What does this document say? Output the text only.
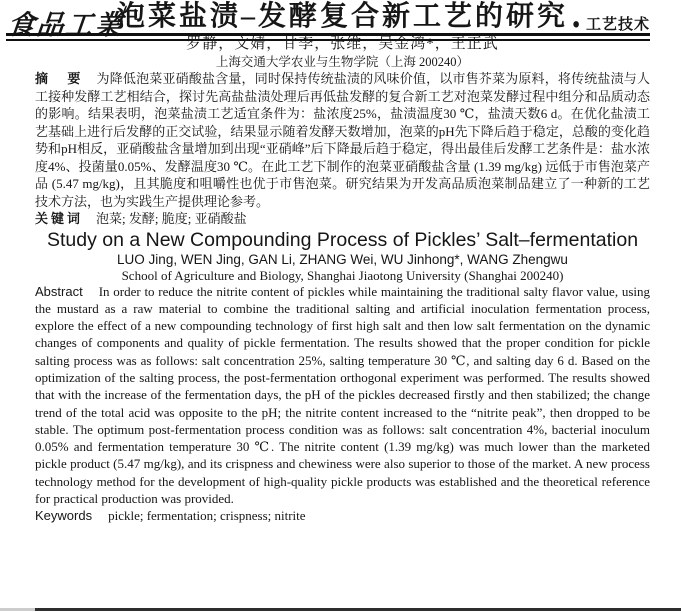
食品工業	● 工艺技术

泡菜盐渍–发酵复合新工艺的研究

罗静，文婧，甘李，张维，吴金鸿*，王正武

上海交通大学农业与生物学院（上海 200240）

摘　要 为降低泡菜亚硝酸盐含量，同时保持传统盐渍的风味价值，以市售芥菜为原料，将传统盐渍与人工接种发酵工艺相结合，探讨先高盐盐渍处理后再低盐发酵的复合新工艺对泡菜发酵过程中组分和品质动态的影响。结果表明，泡菜盐渍工艺适宜条件为：盐浓度25%，盐渍温度30 ℃，盐渍天数6 d。在优化盐渍工艺基础上进行后发酵的正交试验，结果显示随着发酵天数增加，泡菜的pH先下降后趋于稳定，总酸的变化趋势和pH相反，亚硝酸盐含量增加到出现“亚硝峰”后下降最后趋于稳定，得出最佳后发酵工艺条件是：盐水浓度4%、投菌量0.05%、发酵温度30 ℃。在此工艺下制作的泡菜亚硝酸盐含量 (1.39 mg/kg) 远低于市售泡菜产品 (5.47 mg/kg)，且其脆度和咀嚼性也优于市售泡菜。研究结果为开发高品质泡菜制品建立了一种新的工艺技术方法，也为实践生产提供理论参考。

关键词 泡菜; 发酵; 脆度; 亚硝酸盐

Study on a New Compounding Process of Pickles’ Salt–fermentation

LUO Jing, WEN Jing, GAN Li, ZHANG Wei, WU Jinhong*, WANG Zhengwu

School of Agriculture and Biology, Shanghai Jiaotong University (Shanghai 200240)

Abstract In order to reduce the nitrite content of pickles while maintaining the traditional salty flavor value, using the mustard as a raw material to combine the traditional salting and artificial inoculation fermentation process, explore the effect of a new compounding technology of first high salt and then low salt fermentation on the dynamic changes of components and quality of pickle fermentation. The results showed that the proper condition for pickle salting process was as follows: salt concentration 25%, salting temperature 30 ℃, and salting day 6 d. Based on the optimization of the salting process, the post-fermentation orthogonal experiment was performed. The results showed that with the increase of the fermentation days, the pH of the pickles decreased firstly and then stabilized; the change trend of the total acid was opposite to the pH; the nitrite content increased to the “nitrite peak”, then dropped to be stable. The optimum post-fermentation process condition was as follows: salt concentration 4%, bacterial inoculum 0.05% and fermentation temperature 30 ℃. The nitrite content (1.39 mg/kg) was much lower than the marketed pickle product (5.47 mg/kg), and its crispness and chewiness were also superior to those of the market. A new process technology method for the development of high-quality pickle products was established and the theoretical reference for practical production was provided.

Keywords pickle; fermentation; crispness; nitrite
